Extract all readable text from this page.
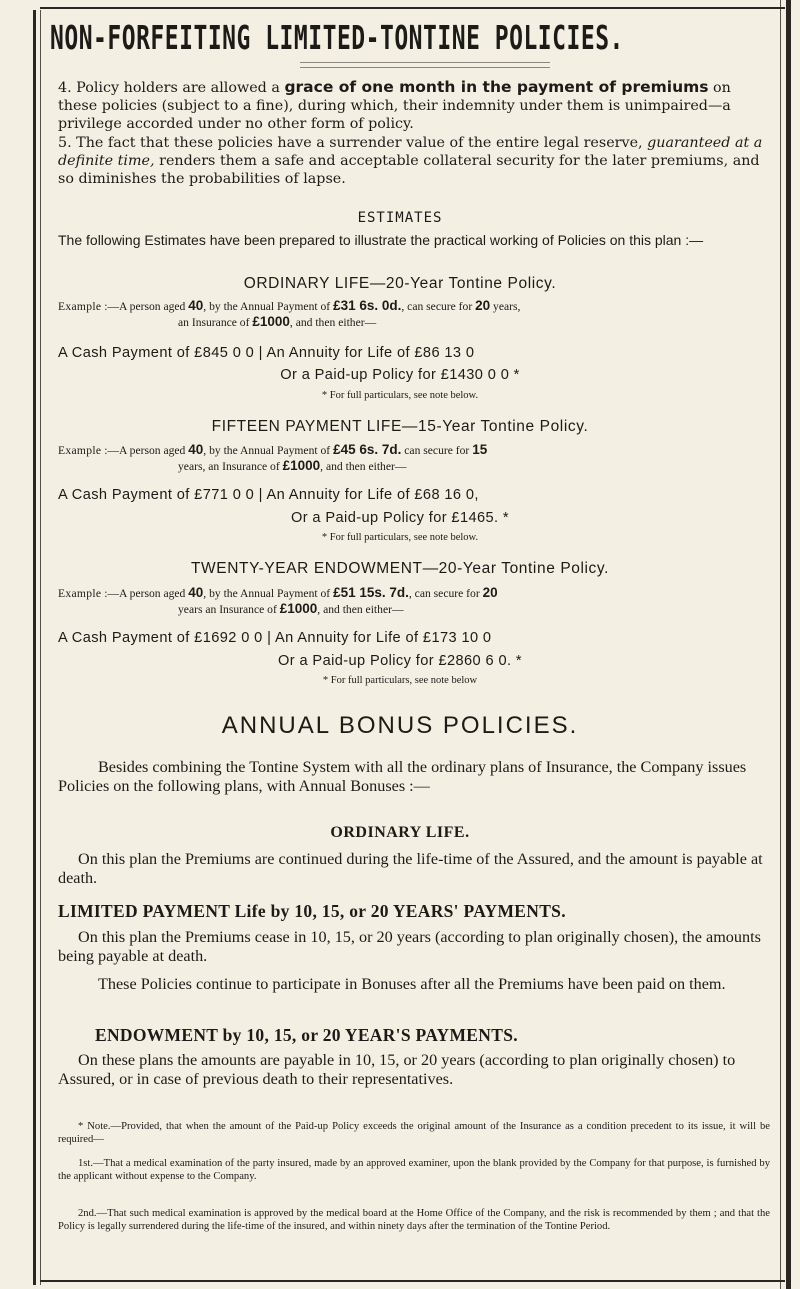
NON-FORFEITING LIMITED-TONTINE POLICIES.

4. Policy holders are allowed a grace of one month in the payment of premiums on these policies (subject to a fine), during which, their indemnity under them is unimpaired—a privilege accorded under no other form of policy.

5. The fact that these policies have a surrender value of the entire legal reserve, guaranteed at a definite time, renders them a safe and acceptable collateral security for the later premiums, and so diminishes the probabilities of lapse.

ESTIMATES

The following Estimates have been prepared to illustrate the practical working of Policies on this plan :—

ORDINARY LIFE—20-Year Tontine Policy.
Example :—A person aged 40, by the Annual Payment of £31 6s. 0d., can secure for 20 years,
an Insurance of £1000, and then either—
A Cash Payment of £845 0 0 | An Annuity for Life of £86 13 0
Or a Paid-up Policy for £1430 0 0 *
* For full particulars, see note below.
FIFTEEN PAYMENT LIFE—15-Year Tontine Policy.
Example :—A person aged 40, by the Annual Payment of £45 6s. 7d. can secure for 15
years, an Insurance of £1000, and then either—
A Cash Payment of £771 0 0 | An Annuity for Life of £68 16 0,
Or a Paid-up Policy for £1465. *
* For full particulars, see note below.
TWENTY-YEAR ENDOWMENT—20-Year Tontine Policy.
Example :—A person aged 40, by the Annual Payment of £51 15s. 7d., can secure for 20
years an Insurance of £1000, and then either—
A Cash Payment of £1692 0 0 | An Annuity for Life of £173 10 0
Or a Paid-up Policy for £2860 6 0. *
* For full particulars, see note below
ANNUAL BONUS POLICIES.

Besides combining the Tontine System with all the ordinary plans of Insurance, the Company issues Policies on the following plans, with Annual Bonuses :—

ORDINARY LIFE.

On this plan the Premiums are continued during the life-time of the Assured, and the amount is payable at death.

LIMITED PAYMENT Life by 10, 15, or 20 YEARS' PAYMENTS.

On this plan the Premiums cease in 10, 15, or 20 years (according to plan originally chosen), the amounts being payable at death.

These Policies continue to participate in Bonuses after all the Premiums have been paid on them.

ENDOWMENT by 10, 15, or 20 YEAR'S PAYMENTS.

On these plans the amounts are payable in 10, 15, or 20 years (according to plan originally chosen) to Assured, or in case of previous death to their representatives.

* Note.—Provided, that when the amount of the Paid-up Policy exceeds the original amount of the Insurance as a condition precedent to its issue, it will be required—

1st.—That a medical examination of the party insured, made by an approved examiner, upon the blank provided by the Company for that purpose, is furnished by the applicant without expense to the Company.

2nd.—That such medical examination is approved by the medical board at the Home Office of the Company, and the risk is recommended by them ; and that the Policy is legally surrendered during the life-time of the insured, and within ninety days after the termination of the Tontine Period.
